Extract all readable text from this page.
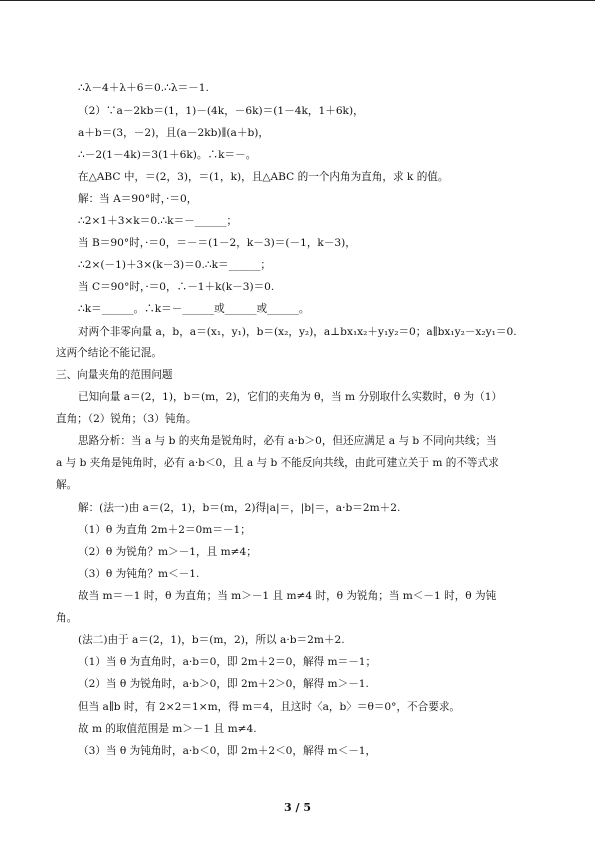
∴λ－4＋λ＋6＝0.∴λ＝－1.
（2）∵a－2kb＝(1，1)－(4k，－6k)＝(1－4k，1＋6k)，
a＋b＝(3，－2)，且(a－2kb)∥(a＋b)，
∴－2(1－4k)＝3(1＋6k)。∴k＝－。
在△ABC 中，＝(2，3)，＝(1，k)，且△ABC 的一个内角为直角，求 k 的值。
解：当 A＝90°时，·＝0，
∴2×1＋3×k＝0.∴k＝－______；
当 B＝90°时，·＝0，＝－＝(1－2，k－3)＝(－1，k－3)，
∴2×(－1)＋3×(k－3)＝0.∴k＝______；
当 C＝90°时，·＝0，∴－1＋k(k－3)＝0.
∴k＝______。∴k＝－______或______或______。
对两个非零向量 a，b，a＝(x₁，y₁)，b＝(x₂，y₂)，a⊥bx₁x₂＋y₁y₂＝0；a∥bx₁y₂－x₂y₁＝0.
这两个结论不能记混。
三、向量夹角的范围问题
已知向量 a＝(2，1)，b＝(m，2)，它们的夹角为 θ，当 m 分别取什么实数时，θ 为（1）
直角；（2）锐角；（3）钝角。
思路分析：当 a 与 b 的夹角是锐角时，必有 a·b＞0，但还应满足 a 与 b 不同向共线；当
a 与 b 夹角是钝角时，必有 a·b＜0，且 a 与 b 不能反向共线，由此可建立关于 m 的不等式求
解。
解：(法一)由 a＝(2，1)，b＝(m，2)得|a|＝，|b|＝，a·b＝2m＋2.
（1）θ 为直角 2m＋2＝0m＝－1；
（2）θ 为锐角？m＞－1，且 m≠4；
（3）θ 为钝角？m＜－1.
故当 m＝－1 时，θ 为直角；当 m＞－1 且 m≠4 时，θ 为锐角；当 m＜－1 时，θ 为钝
角。
(法二)由于 a＝(2，1)，b＝(m，2)，所以 a·b＝2m＋2.
（1）当 θ 为直角时，a·b＝0，即 2m＋2＝0，解得 m＝－1；
（2）当 θ 为锐角时，a·b＞0，即 2m＋2＞0，解得 m＞－1.
但当 a∥b 时，有 2×2＝1×m，得 m＝4，且这时〈a，b〉＝θ＝0°，不合要求。
故 m 的取值范围是 m＞－1 且 m≠4.
（3）当 θ 为钝角时，a·b＜0，即 2m＋2＜0，解得 m＜－1，
3 / 5
